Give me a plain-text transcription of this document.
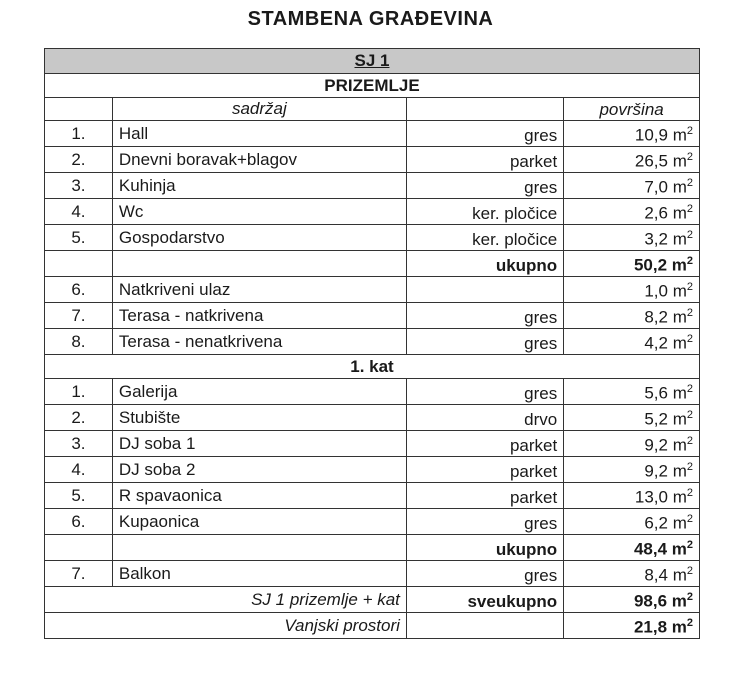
STAMBENA GRAĐEVINA
SJ 1			
PRIZEMLJE			
	sadržaj		površina
1.	Hall	gres	10,9 $m^2$
2.	Dnevni boravak+blagov	parket	26,5 $m^2$
3.	Kuhinja	gres	7,0 $m^2$
4.	Wc	ker. pločice	2,6 $m^2$
5.	Gospodarstvo	ker. pločice	3,2 $m^2$
		ukupno	50,2 $m^2$
6.	Natkriveni ulaz		1,0 $m^2$
7.	Terasa - natkrivena	gres	8,2 $m^2$
8.	Terasa - nenatkrivena	gres	4,2 $m^2$
1. kat			
1.	Galerija	gres	5,6 $m^2$
2.	Stubište	drvo	5,2 $m^2$
3.	DJ soba 1	parket	9,2 $m^2$
4.	DJ soba 2	parket	9,2 $m^2$
5.	R spavaonica	parket	13,0 $m^2$
6.	Kupaonica	gres	6,2 $m^2$
		ukupno	48,4 $m^2$
7.	Balkon	gres	8,4 $m^2$
SJ 1 prizemlje + kat		sveukupno	98,6 $m^2$
Vanjski prostori			21,8 $m^2$
